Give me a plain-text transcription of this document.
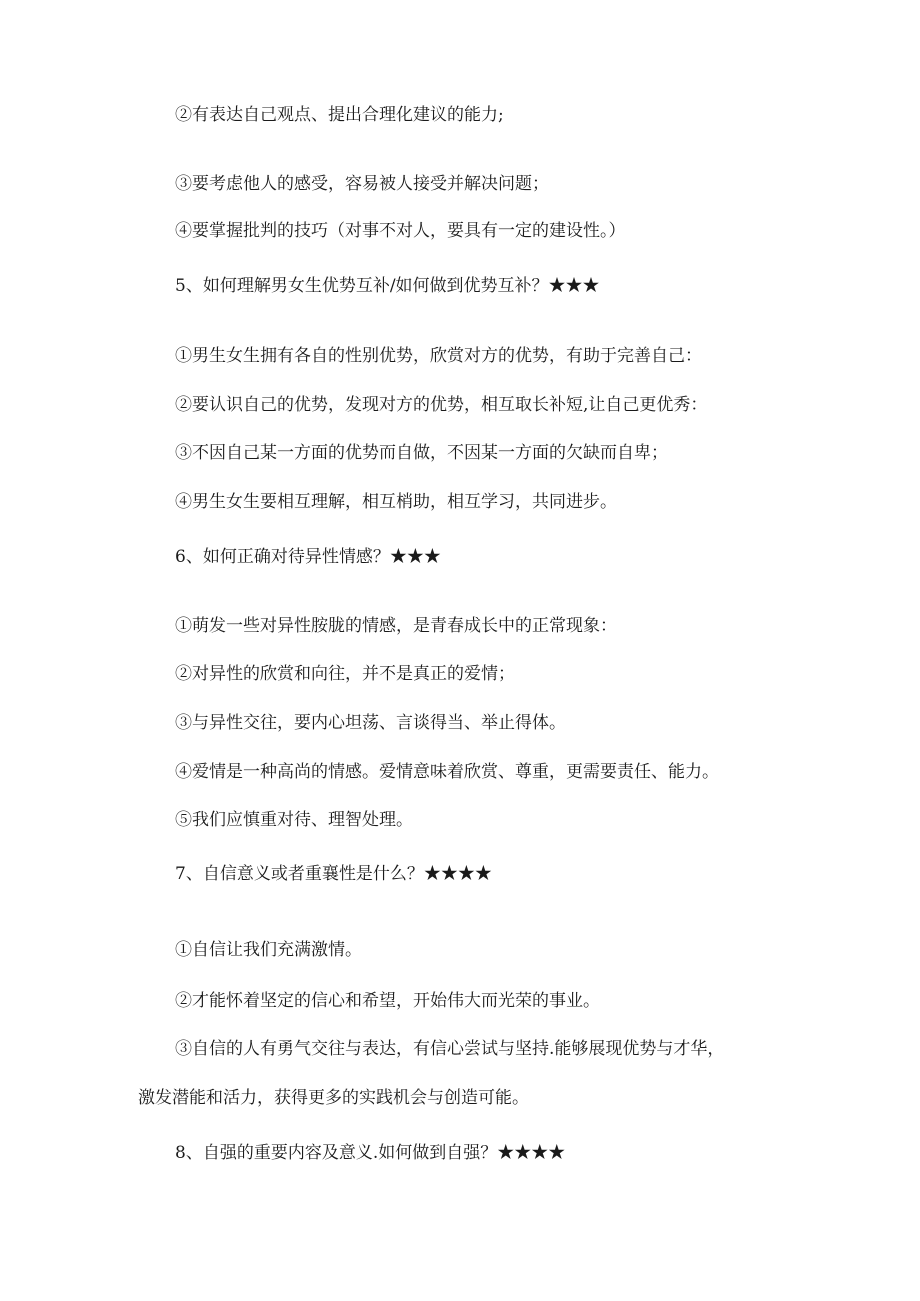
②有表达自己观点、提出合理化建议的能力;
③要考虑他人的感受，容易被人接受并解决问题；
④要掌握批判的技巧（对事不对人，要具有一定的建设性。）
5、如何理解男女生优势互补/如何做到优势互补？★★★
①男生女生拥有各自的性别优势，欣赏对方的优势，有助于完善自己：
②要认识自己的优势，发现对方的优势，相互取长补短,让自己更优秀：
③不因自己某一方面的优势而自做，不因某一方面的欠缺而自卑；
④男生女生要相互理解，相互梢助，相互学习，共同进步。
6、如何正确对待异性情感？★★★
①萌发一些对异性胺胧的情感，是青春成长中的正常现象：
②对异性的欣赏和向往，并不是真正的爱情；
③与异性交往，要内心坦荡、言谈得当、举止得体。
④爱情是一种高尚的情感。爱情意味着欣赏、尊重，更需要责任、能力。
⑤我们应慎重对待、理智处理。
7、自信意义或者重襄性是什么？★★★★
①自信让我们充满激情。
②才能怀着坚定的信心和希望，开始伟大而光荣的事业。
③自信的人有勇气交往与表达，有信心尝试与坚持.能够展现优势与才华，
激发潜能和活力，获得更多的实践机会与创造可能。
8、自强的重要内容及意义.如何做到自强？★★★★
